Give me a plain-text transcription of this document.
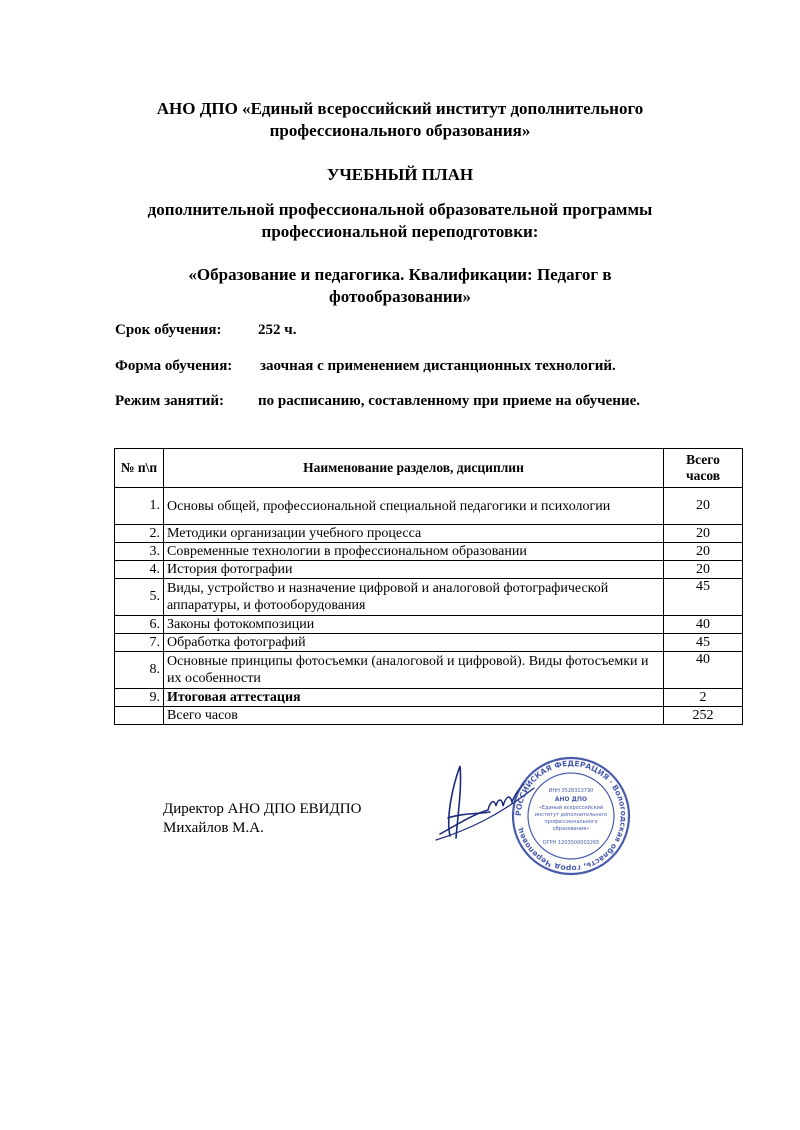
АНО ДПО «Единый всероссийский институт дополнительного
профессионального образования»
УЧЕБНЫЙ ПЛАН
дополнительной профессиональной образовательной программы
профессиональной переподготовки:
«Образование и педагогика. Квалификации: Педагог в
фотообразовании»
Срок обучения: 252 ч.
Форма обучения: заочная с применением дистанционных технологий.
Режим занятий: по расписанию, составленному при приеме на обучение.
№ п\п	Наименование разделов, дисциплин	Всего
часов

1.	Основы общей, профессиональной специальной педагогики и психологии	20
2.	Методики организации учебного процесса	20
3.	Современные технологии в профессиональном образовании	20
4.	История фотографии	20
5.	Виды, устройство и назначение цифровой и аналоговой фотографической аппаратуры, и фотооборудования	45
6.	Законы фотокомпозиции	40
7.	Обработка фотографий	45
8.	Основные принципы фотосъемки (аналоговой и цифровой). Виды фотосъемки и их особенности	40
9.	Итоговая аттестация	2
	Всего часов	252
Директор АНО ДПО ЕВИДПО
Михайлов М.А.
РОССИЙСКАЯ ФЕДЕРАЦИЯ · Вологодская область, город Череповец
ИНН 3528313790
АНО ДПО
«Единый всероссийский
институт дополнительного
профессионального
образования»
ОГРН 1203500003265
